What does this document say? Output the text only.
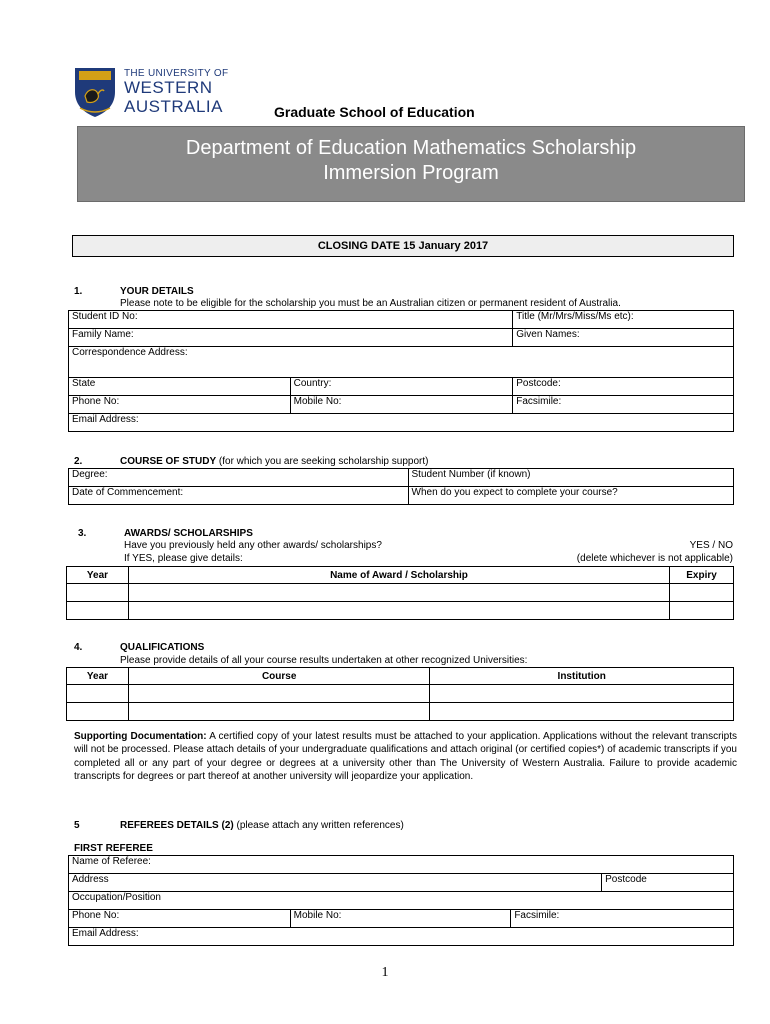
THE UNIVERSITY OF
WESTERN
AUSTRALIA	Graduate School of Education
Department of Education Mathematics Scholarship
Immersion Program
CLOSING DATE 15 January 2017
1.	YOUR DETAILS
Please note to be eligible for the scholarship you must be an Australian citizen or permanent resident of Australia.
Student ID No:		Title (Mr/Mrs/Miss/Ms etc):
Family Name:		Given Names:
Correspondence Address:		
State	Country:	Postcode:
Phone No:	Mobile No:	Facsimile:
Email Address:		
2.	COURSE OF STUDY (for which you are seeking scholarship support)
Degree:	Student Number (if known)
Date of Commencement:	When do you expect to complete your course?
3.	AWARDS/ SCHOLARSHIPS
Have you previously held any other awards/ scholarships?	YES / NO
If YES, please give details:	(delete whichever is not applicable)
Year	Name of Award / Scholarship	Expiry

4.	QUALIFICATIONS
Please provide details of all your course results undertaken at other recognized Universities:
Year	Course	Institution

Supporting Documentation: A certified copy of your latest results must be attached to your application. Applications without the relevant transcripts will not be processed. Please attach details of your undergraduate qualifications and attach original (or certified copies*) of academic transcripts if you completed all or any part of your degree or degrees at a university other than The University of Western Australia. Failure to provide academic transcripts for degrees or part thereof at another university will jeopardize your application.
5	REFEREES DETAILS (2) (please attach any written references)
FIRST REFEREE
Name of Referee:			
Address			Postcode
Occupation/Position			
Phone No:	Mobile No:	Facsimile:	
Email Address:			
1
